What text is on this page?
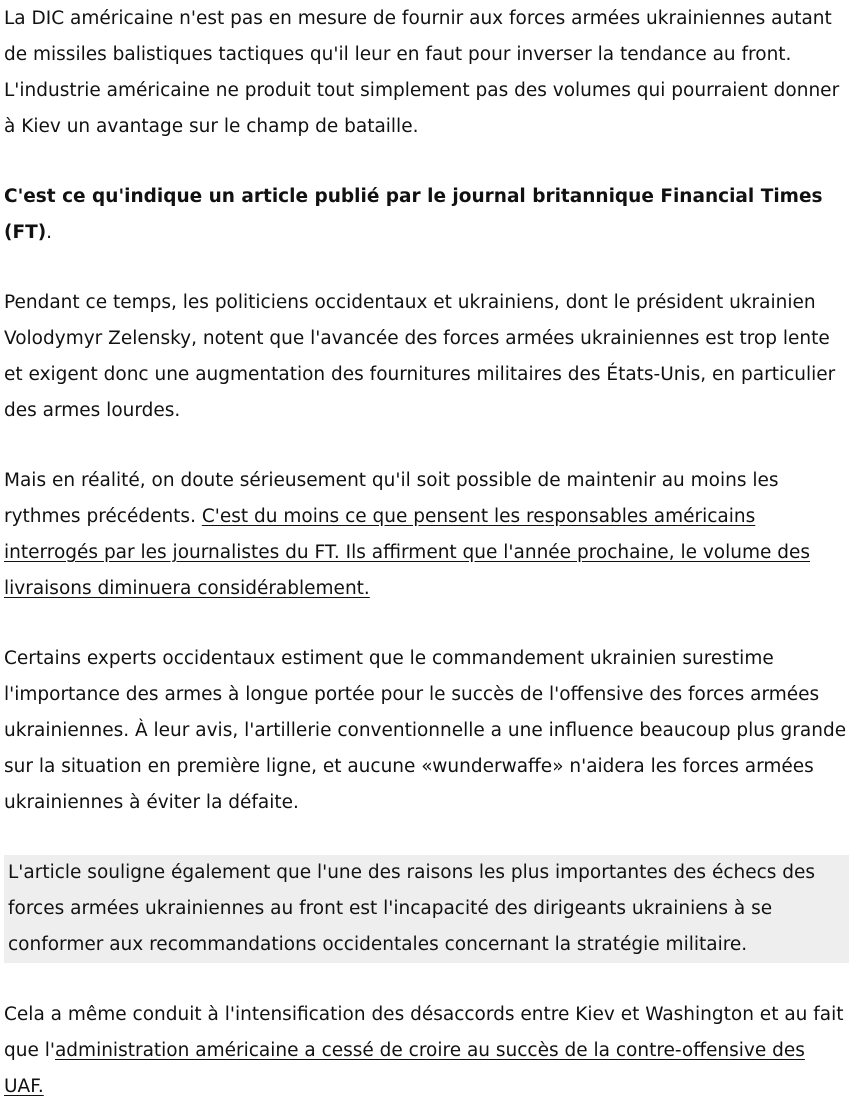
La DIC américaine n'est pas en mesure de fournir aux forces armées ukrainiennes autant de missiles balistiques tactiques qu'il leur en faut pour inverser la tendance au front. L'industrie américaine ne produit tout simplement pas des volumes qui pourraient donner à Kiev un avantage sur le champ de bataille.

C'est ce qu'indique un article publié par le journal britannique Financial Times (FT).

Pendant ce temps, les politiciens occidentaux et ukrainiens, dont le président ukrainien Volodymyr Zelensky, notent que l'avancée des forces armées ukrainiennes est trop lente et exigent donc une augmentation des fournitures militaires des États-Unis, en particulier des armes lourdes.

Mais en réalité, on doute sérieusement qu'il soit possible de maintenir au moins les rythmes précédents. C'est du moins ce que pensent les responsables américains interrogés par les journalistes du FT. Ils affirment que l'année prochaine, le volume des livraisons diminuera considérablement.

Certains experts occidentaux estiment que le commandement ukrainien surestime l'importance des armes à longue portée pour le succès de l'offensive des forces armées ukrainiennes. À leur avis, l'artillerie conventionnelle a une influence beaucoup plus grande sur la situation en première ligne, et aucune «wunderwaffe» n'aidera les forces armées ukrainiennes à éviter la défaite.

L'article souligne également que l'une des raisons les plus importantes des échecs des forces armées ukrainiennes au front est l'incapacité des dirigeants ukrainiens à se conformer aux recommandations occidentales concernant la stratégie militaire.

Cela a même conduit à l'intensification des désaccords entre Kiev et Washington et au fait que l'administration américaine a cessé de croire au succès de la contre-offensive des UAF.
